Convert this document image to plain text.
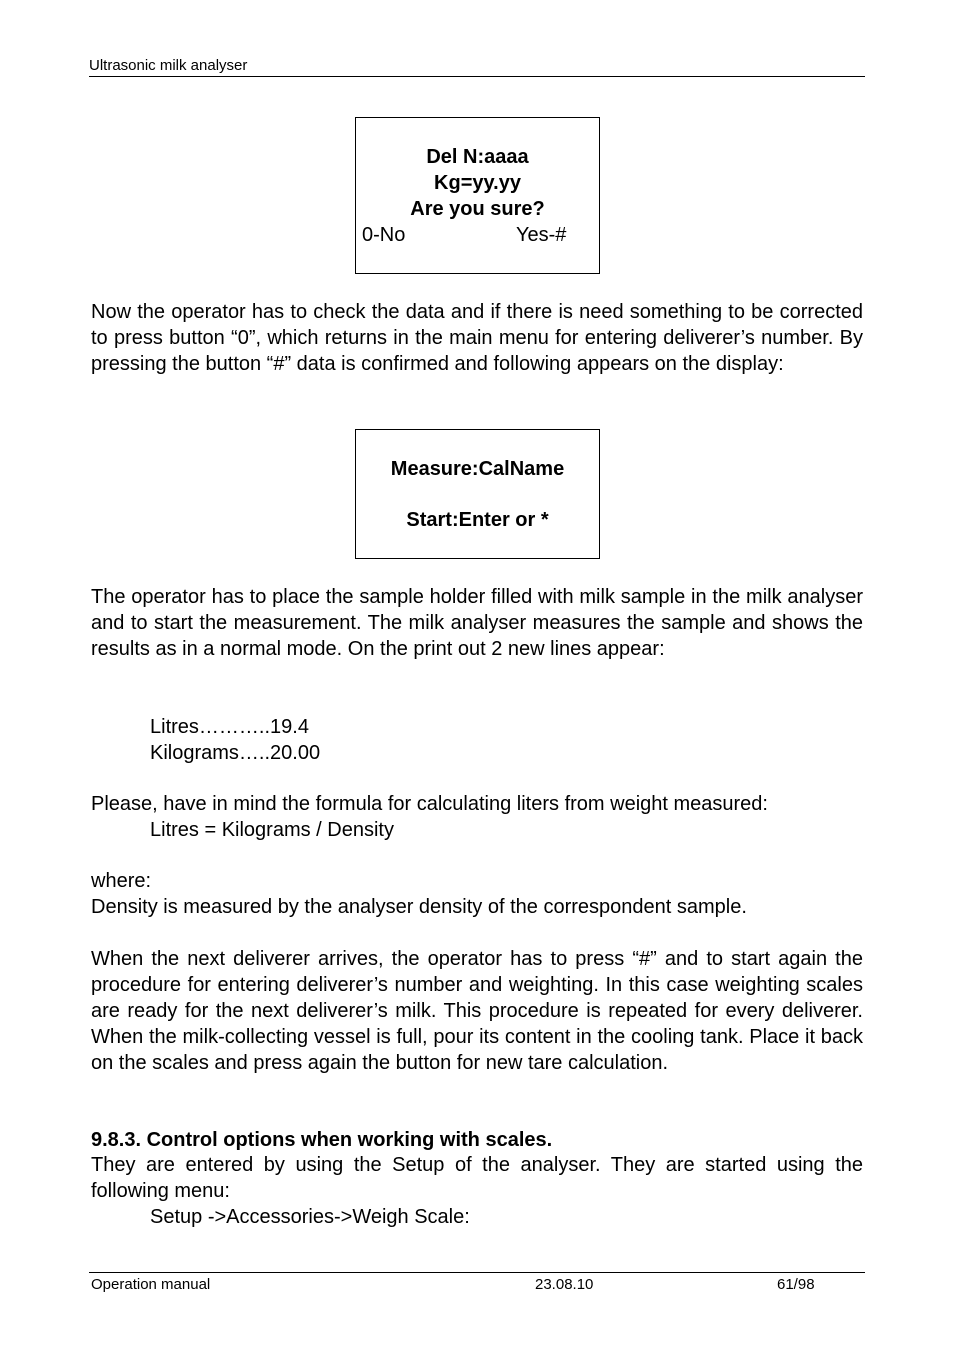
Ultrasonic milk analyser
Del N:aaaa
Kg=yy.yy
Are you sure?
0-No	Yes-#
Now the operator has to check the data and if there is need something to be corrected to press button “0”, which returns in the main menu for entering deliverer’s number. By pressing the button “#” data is confirmed and following appears on the display:
Measure:CalName
Start:Enter or *
The operator has to place the sample holder filled with milk sample in the milk analyser and to start the measurement. The milk analyser measures the sample and shows the results as in a normal mode. On the print out 2 new lines appear:
Litres………..19.4
Kilograms…..20.00
Please, have in mind the formula for calculating liters from weight measured:
Litres = Kilograms / Density
where:
Density is measured by the analyser density of the correspondent sample.
When the next deliverer arrives, the operator has to press “#” and to start again the procedure for entering deliverer’s number and weighting. In this case weighting scales are ready for the next deliverer’s milk. This procedure is repeated for every deliverer. When the milk-collecting vessel is full, pour its content in the cooling tank. Place it back on the scales and press again the button for new tare calculation.
9.8.3. Control options when working with scales.
They are entered by using the Setup of the analyser. They are started using the following menu:
Setup ->Accessories->Weigh Scale:
Operation manual	23.08.10	61/98
